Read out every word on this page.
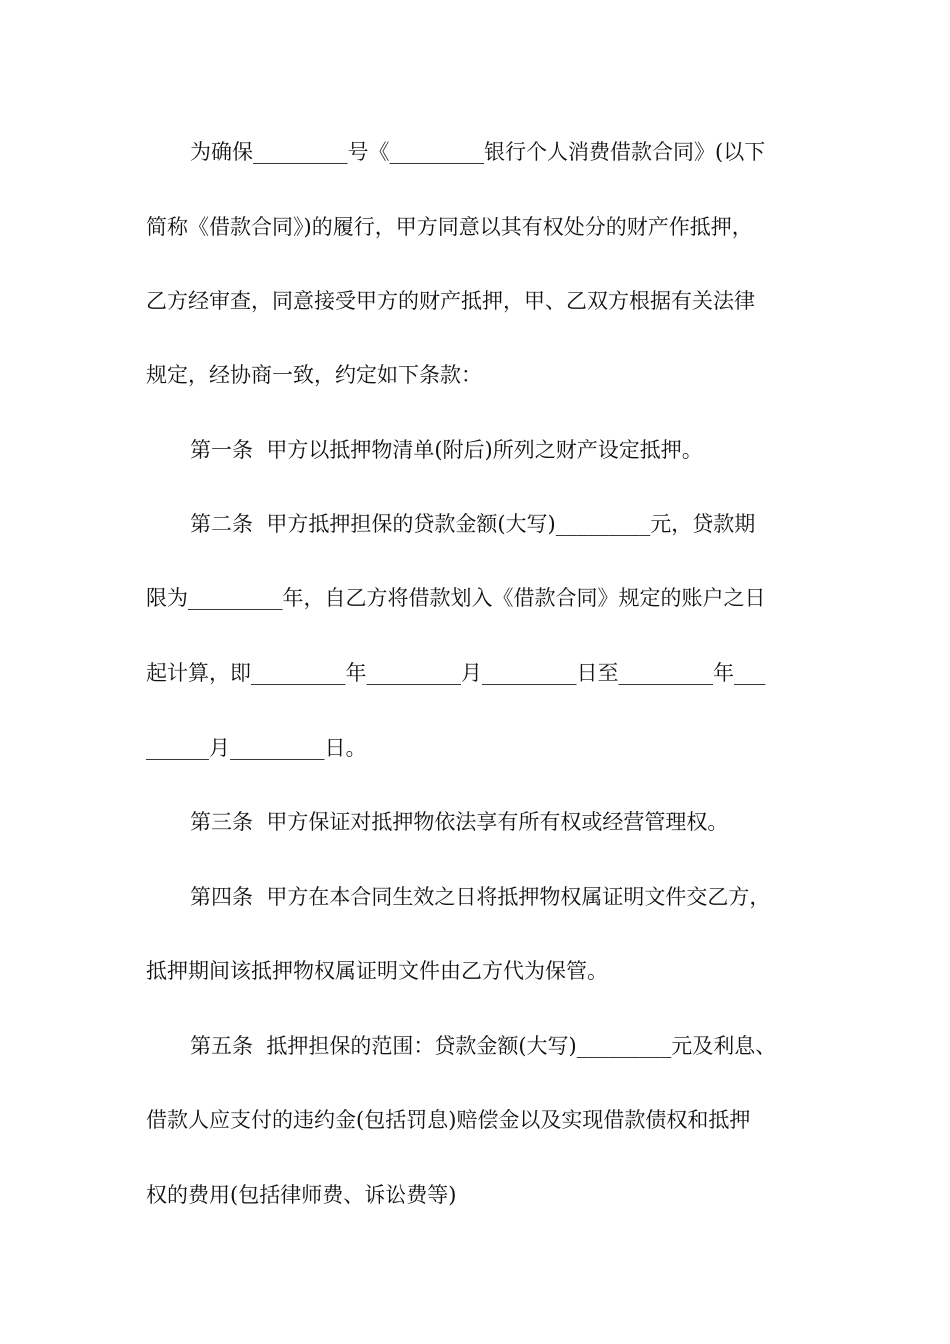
为确保_________号《_________银行个人消费借款合同》(以下
简称《借款合同》)的履行，甲方同意以其有权处分的财产作抵押，
乙方经审查，同意接受甲方的财产抵押，甲、乙双方根据有关法律
规定，经协商一致，约定如下条款：
第一条  甲方以抵押物清单(附后)所列之财产设定抵押。
第二条  甲方抵押担保的贷款金额(大写)_________元，贷款期
限为_________年，自乙方将借款划入《借款合同》规定的账户之日
起计算，即_________年_________月_________日至_________年___
______月_________日。
第三条  甲方保证对抵押物依法享有所有权或经营管理权。
第四条  甲方在本合同生效之日将抵押物权属证明文件交乙方，
抵押期间该抵押物权属证明文件由乙方代为保管。
第五条  抵押担保的范围：贷款金额(大写)_________元及利息、
借款人应支付的违约金(包括罚息)赔偿金以及实现借款债权和抵押
权的费用(包括律师费、诉讼费等)
